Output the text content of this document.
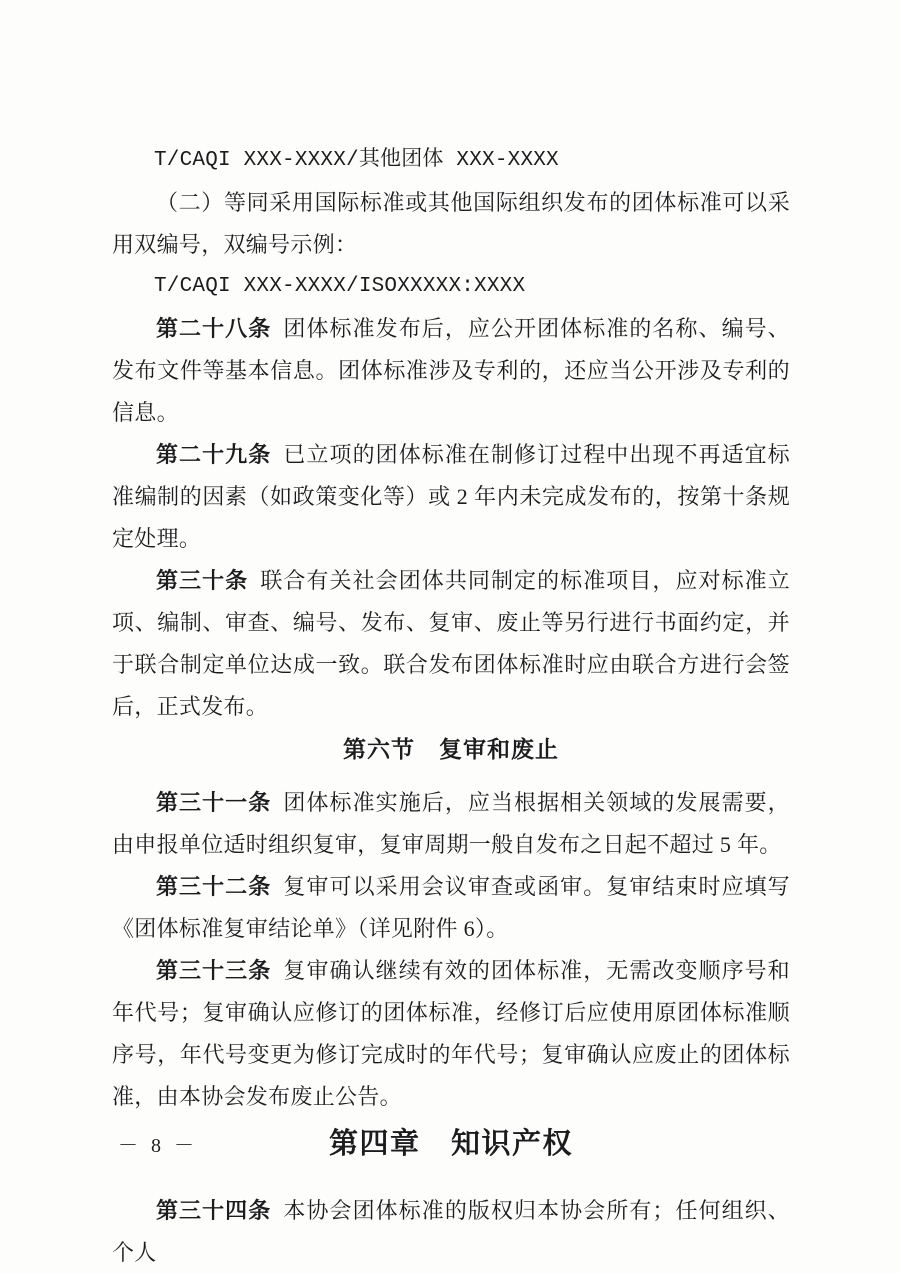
T/CAQI XXX-XXXX/其他团体 XXX-XXXX

（二）等同采用国际标准或其他国际组织发布的团体标准可以采用双编号，双编号示例：

T/CAQI XXX-XXXX/ISOXXXXX:XXXX

第二十八条 团体标准发布后，应公开团体标准的名称、编号、发布文件等基本信息。团体标准涉及专利的，还应当公开涉及专利的信息。

第二十九条 已立项的团体标准在制修订过程中出现不再适宜标准编制的因素（如政策变化等）或 2 年内未完成发布的，按第十条规定处理。

第三十条 联合有关社会团体共同制定的标准项目，应对标准立项、编制、审查、编号、发布、复审、废止等另行进行书面约定，并于联合制定单位达成一致。联合发布团体标准时应由联合方进行会签后，正式发布。

第六节　复审和废止

第三十一条 团体标准实施后，应当根据相关领域的发展需要，由申报单位适时组织复审，复审周期一般自发布之日起不超过 5 年。

第三十二条 复审可以采用会议审查或函审。复审结束时应填写《团体标准复审结论单》（详见附件 6）。

第三十三条 复审确认继续有效的团体标准，无需改变顺序号和年代号；复审确认应修订的团体标准，经修订后应使用原团体标准顺序号，年代号变更为修订完成时的年代号；复审确认应废止的团体标准，由本协会发布废止公告。

第四章　知识产权

第三十四条 本协会团体标准的版权归本协会所有；任何组织、个人

－ 8 －
